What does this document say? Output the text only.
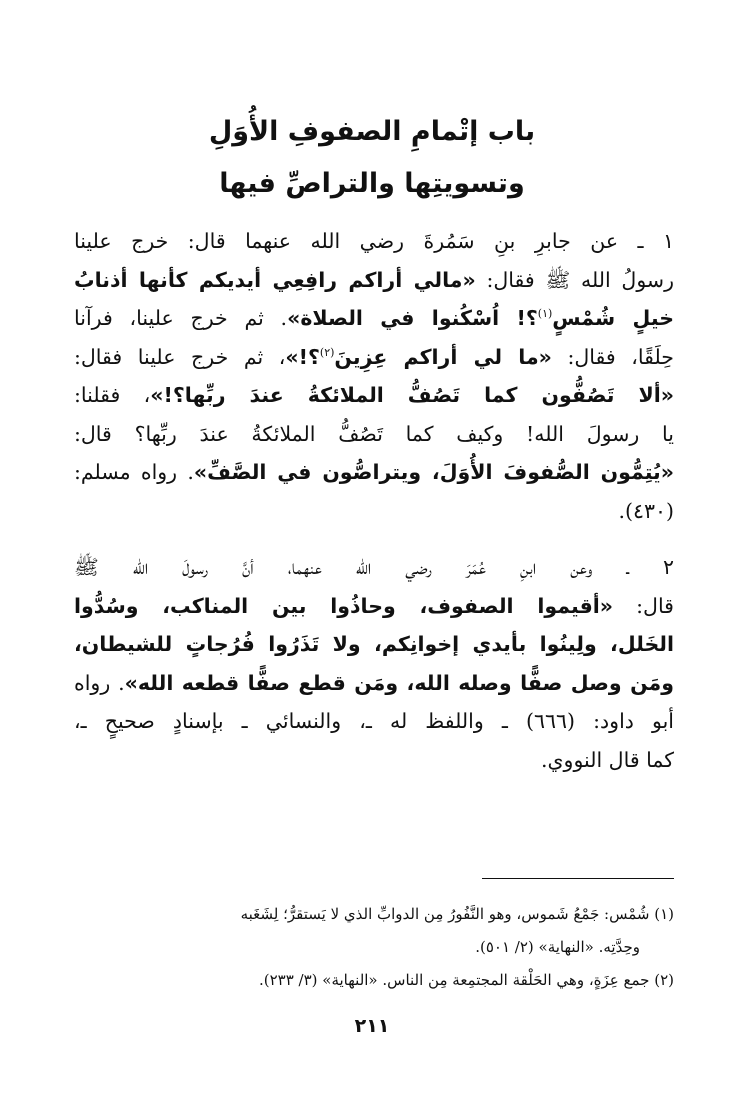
باب إتْمامِ الصفوفِ الأُوَلِ
وتسويتِها والتراصِّ فيها
١ ـ عن جابرِ بنِ سَمُرةَ رضي الله عنهما قال: خرج علينا
رسولُ الله ﷺ فقال: «مالي أراكم رافِعِي أيديكم كأنها أذنابُ
خيلٍ شُمْسٍ$^{(١)}$؟! اُسْكُنوا في الصلاة». ثم خرج علينا، فرآنا
حِلَقًا، فقال: «ما لي أراكم عِزِينَ$^{(٢)}$؟!»، ثم خرج علينا فقال:
«ألا تَصُفُّون كما تَصُفُّ الملائكةُ عندَ ربِّها؟!»، فقلنا:
يا رسولَ الله! وكيف كما تَصُفُّ الملائكةُ عندَ ربِّها؟ قال:
«يُتِمُّون الصُّفوفَ الأُوَلَ، ويتراصُّون في الصَّفِّ». رواه مسلم:
(٤٣٠).
٢ ـ وعن ابنِ عُمَرَ رضي الله عنهما، أنَّ رسولَ الله ﷺ
قال: «أقيموا الصفوف، وحاذُوا بين المناكب، وسُدُّوا
الخَلل، ولِينُوا بأيدي إخوانِكم، ولا تَذَرُوا فُرُجاتٍ للشيطان،
ومَن وصل صفًّا وصله الله، ومَن قطع صفًّا قطعه الله». رواه
أبو داود: (٦٦٦) ـ واللفظ له ـ، والنسائي ـ بإسنادٍ صحيحٍ ـ،
كما قال النووي.
(١) شُمْس: جَمْعُ شَموس، وهو النَّفُورُ مِن الدوابِّ الذي لا يَستقرُّ؛ لِشَغَبه
وحِدَّتِه. «النهاية» (٢/ ٥٠١).
(٢) جمع عِزَةٍ، وهي الحَلْقة المجتمِعة مِن الناس. «النهاية» (٣/ ٢٣٣).
٢١١
